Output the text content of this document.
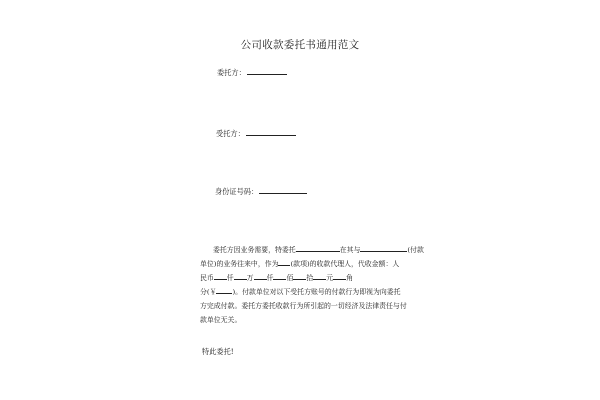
公司收款委托书通用范文
委托方：
受托方：
身份证号码：
委托方因业务需要，特委托	在其与	(付款
单位)的业务往来中，作为 (款项)的收款代理人，代收金额：人
民币 仟 万 仟 佰 拾 元 角
分(￥ )。付款单位对以下受托方账号的付款行为即视为向委托
方完成付款。委托方委托收款行为所引起的一切经济及法律责任与付
款单位无关。
特此委托!
